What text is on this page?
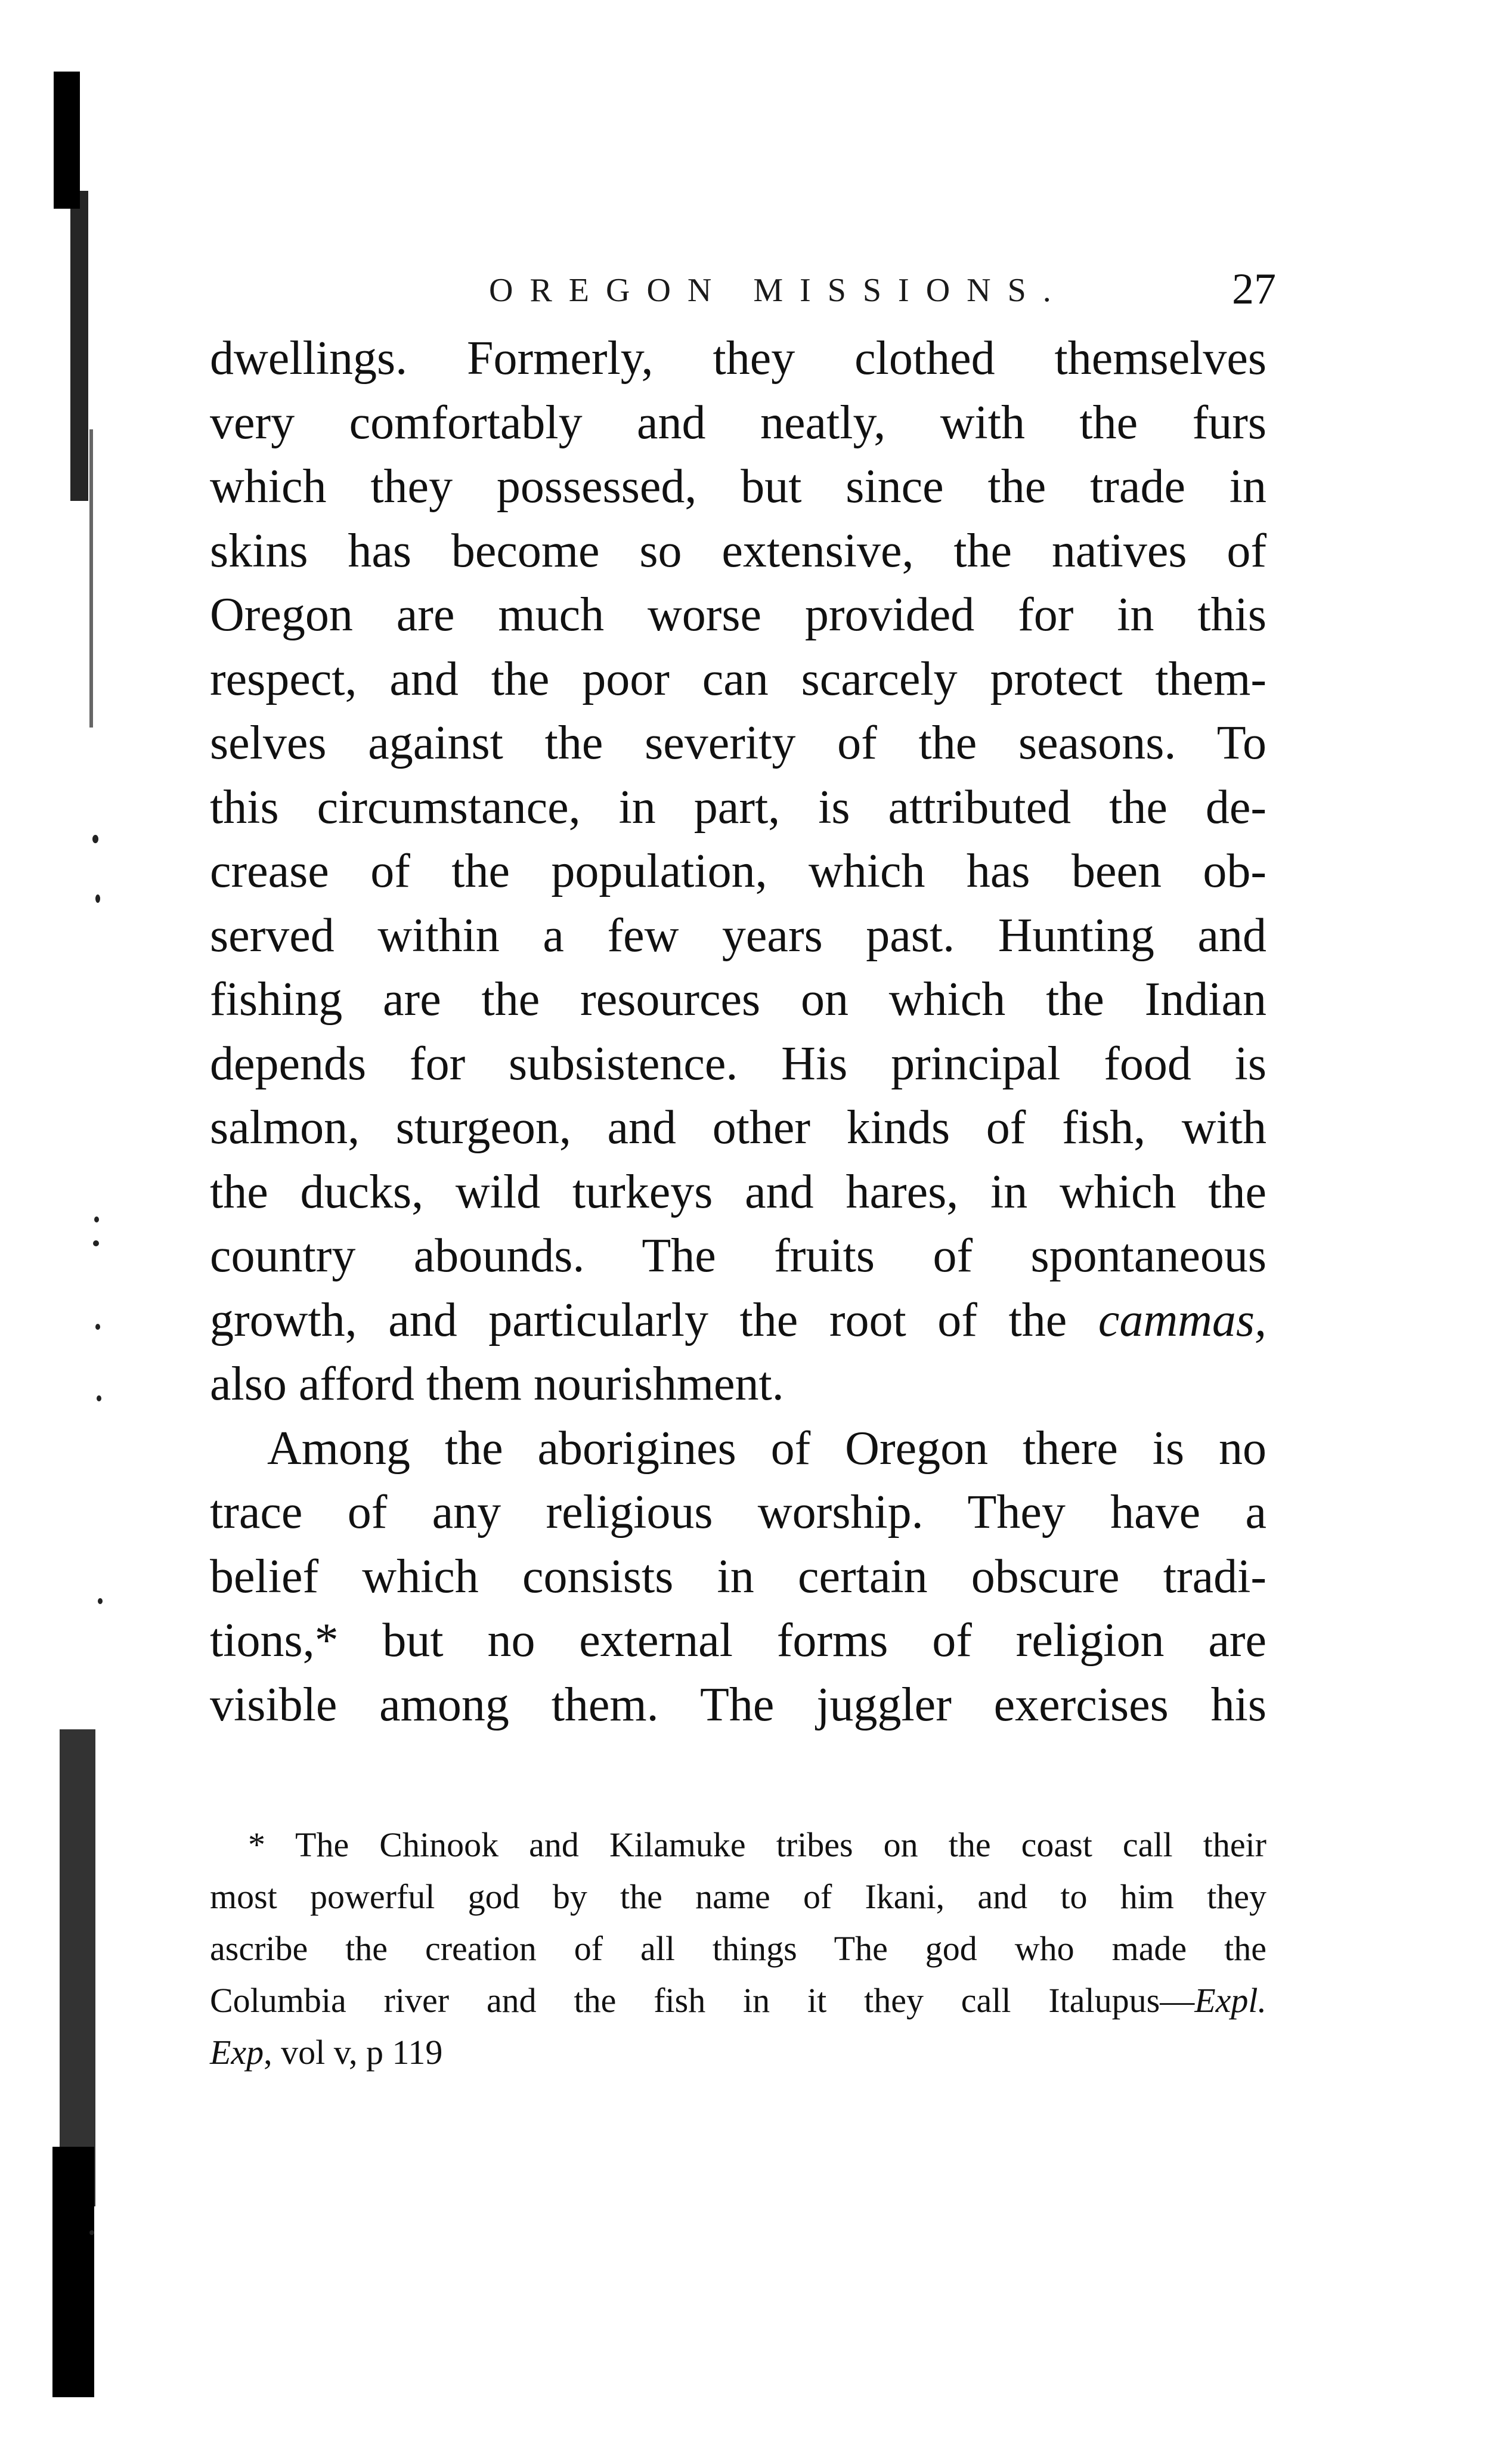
OREGON MISSIONS.	27
dwellings. Formerly, they clothed themselves
very comfortably and neatly, with the furs
which they possessed, but since the trade in
skins has become so extensive, the natives of
Oregon are much worse provided for in this
respect, and the poor can scarcely protect them-
selves against the severity of the seasons. To
this circumstance, in part, is attributed the de-
crease of the population, which has been ob-
served within a few years past. Hunting and
fishing are the resources on which the Indian
depends for subsistence. His principal food is
salmon, sturgeon, and other kinds of fish, with
the ducks, wild turkeys and hares, in which the
country abounds. The fruits of spontaneous
growth, and particularly the root of the cammas,
also afford them nourishment.
Among the aborigines of Oregon there is no
trace of any religious worship. They have a
belief which consists in certain obscure tradi-
tions,* but no external forms of religion are
visible among them. The juggler exercises his
* The Chinook and Kilamuke tribes on the coast call their
most powerful god by the name of Ikani, and to him they
ascribe the creation of all things The god who made the
Columbia river and the fish in it they call Italupus—Expl.
Exp, vol v, p 119
